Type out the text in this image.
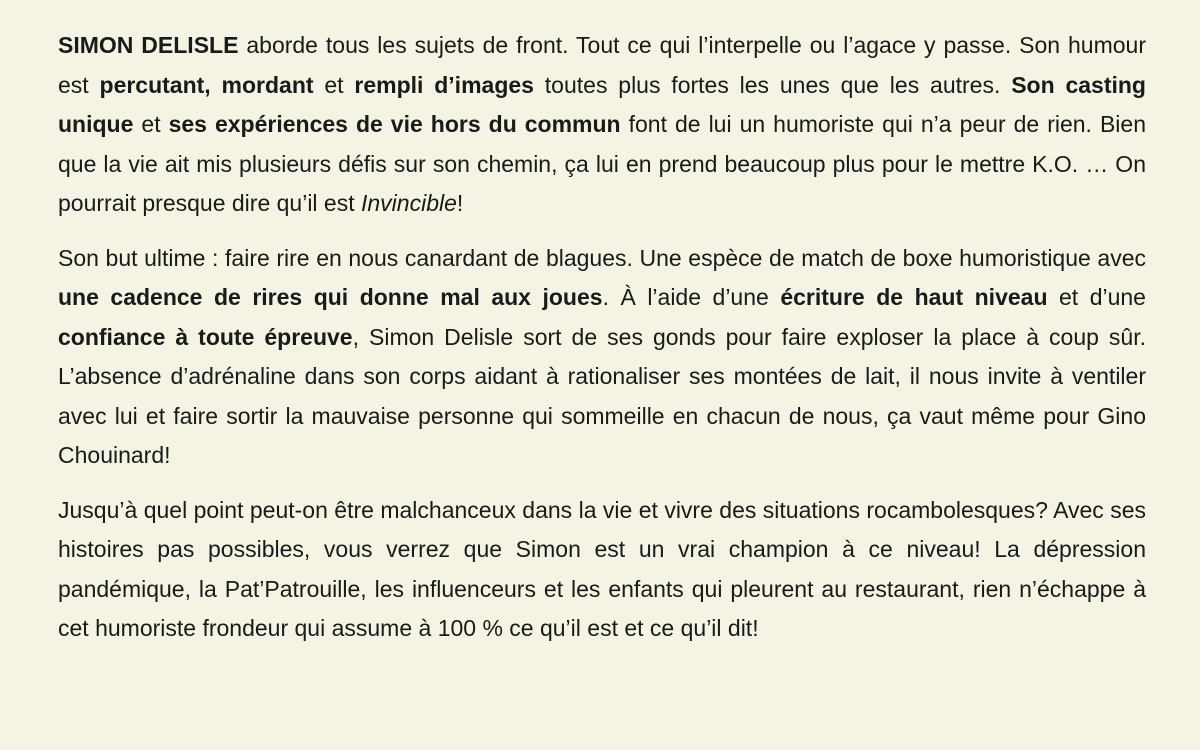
SIMON DELISLE aborde tous les sujets de front. Tout ce qui l’interpelle ou l’agace y passe. Son humour est percutant, mordant et rempli d’images toutes plus fortes les unes que les autres. Son casting unique et ses expériences de vie hors du commun font de lui un humoriste qui n’a peur de rien. Bien que la vie ait mis plusieurs défis sur son chemin, ça lui en prend beaucoup plus pour le mettre K.O. … On pourrait presque dire qu’il est Invincible!

Son but ultime : faire rire en nous canardant de blagues. Une espèce de match de boxe humoristique avec une cadence de rires qui donne mal aux joues. À l’aide d’une écriture de haut niveau et d’une confiance à toute épreuve, Simon Delisle sort de ses gonds pour faire exploser la place à coup sûr. L’absence d’adrénaline dans son corps aidant à rationaliser ses montées de lait, il nous invite à ventiler avec lui et faire sortir la mauvaise personne qui sommeille en chacun de nous, ça vaut même pour Gino Chouinard!

Jusqu’à quel point peut-on être malchanceux dans la vie et vivre des situations rocambolesques? Avec ses histoires pas possibles, vous verrez que Simon est un vrai champion à ce niveau! La dépression pandémique, la Pat’Patrouille, les influenceurs et les enfants qui pleurent au restaurant, rien n’échappe à cet humoriste frondeur qui assume à 100 % ce qu’il est et ce qu’il dit!
